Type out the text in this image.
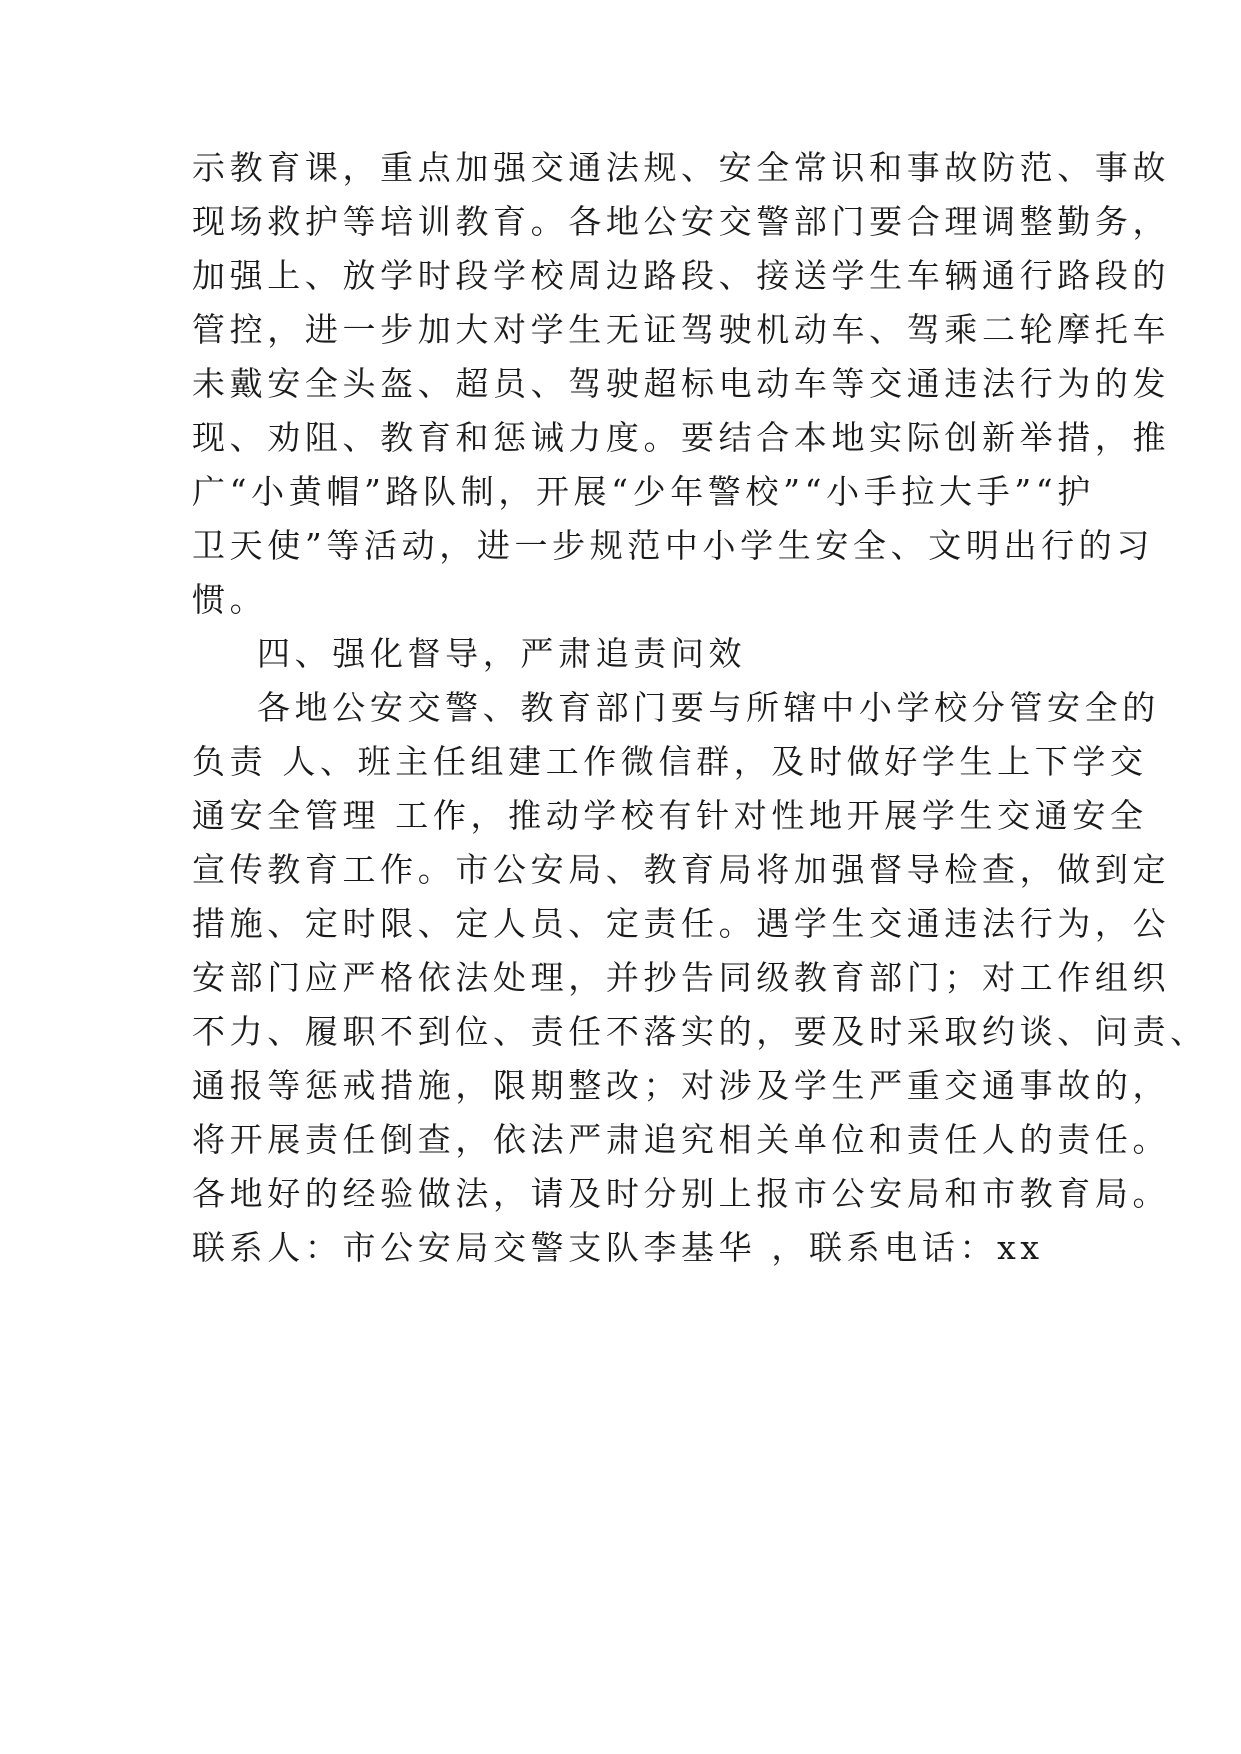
示教育课，重点加强交通法规、安全常识和事故防范、事故
现场救护等培训教育。各地公安交警部门要合理调整勤务，
加强上、放学时段学校周边路段、接送学生车辆通行路段的
管控，进一步加大对学生无证驾驶机动车、驾乘二轮摩托车
未戴安全头盔、超员、驾驶超标电动车等交通违法行为的发
现、劝阻、教育和惩诫力度。要结合本地实际创新举措，推
广“小黄帽”路队制，开展“少年警校”“小手拉大手”“护
卫天使”等活动，进一步规范中小学生安全、文明出行的习
惯。
四、强化督导，严肃追责问效
各地公安交警、教育部门要与所辖中小学校分管安全的
负责 人、班主任组建工作微信群，及时做好学生上下学交
通安全管理 工作，推动学校有针对性地开展学生交通安全
宣传教育工作。市公安局、教育局将加强督导检查，做到定
措施、定时限、定人员、定责任。遇学生交通违法行为，公
安部门应严格依法处理，并抄告同级教育部门；对工作组织
不力、履职不到位、责任不落实的，要及时采取约谈、问责、
通报等惩戒措施，限期整改；对涉及学生严重交通事故的，
将开展责任倒查，依法严肃追究相关单位和责任人的责任。
各地好的经验做法，请及时分别上报市公安局和市教育局。
联系人：市公安局交警支队李基华 ，联系电话：xx
